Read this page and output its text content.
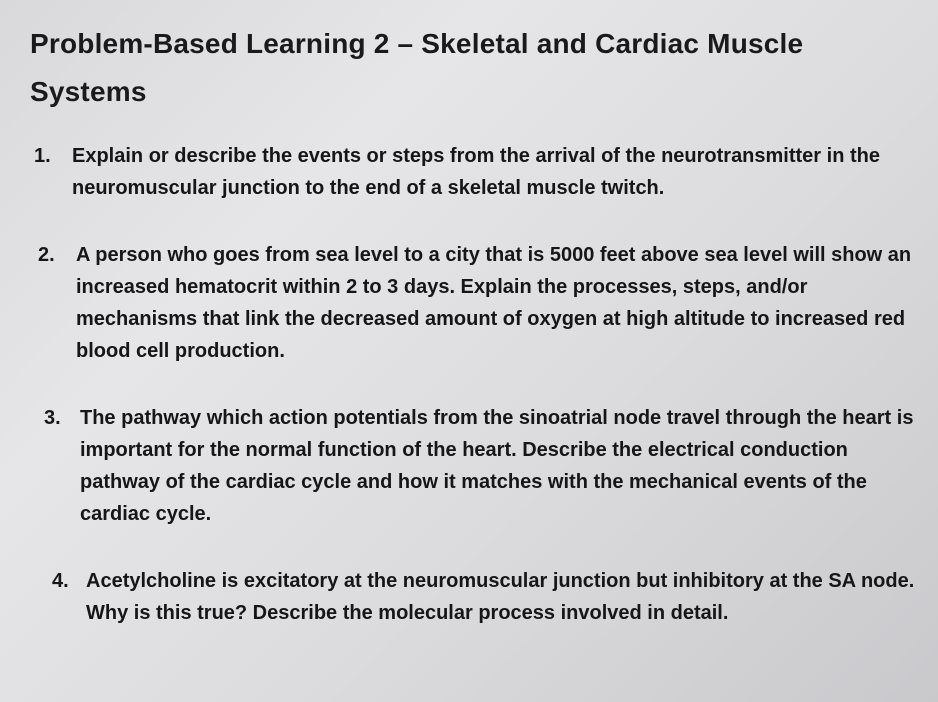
Problem-Based Learning 2 – Skeletal and Cardiac Muscle Systems
1. Explain or describe the events or steps from the arrival of the neurotransmitter in the neuromuscular junction to the end of a skeletal muscle twitch.
2. A person who goes from sea level to a city that is 5000 feet above sea level will show an increased hematocrit within 2 to 3 days. Explain the processes, steps, and/or mechanisms that link the decreased amount of oxygen at high altitude to increased red blood cell production.
3. The pathway which action potentials from the sinoatrial node travel through the heart is important for the normal function of the heart. Describe the electrical conduction pathway of the cardiac cycle and how it matches with the mechanical events of the cardiac cycle.
4. Acetylcholine is excitatory at the neuromuscular junction but inhibitory at the SA node. Why is this true? Describe the molecular process involved in detail.
